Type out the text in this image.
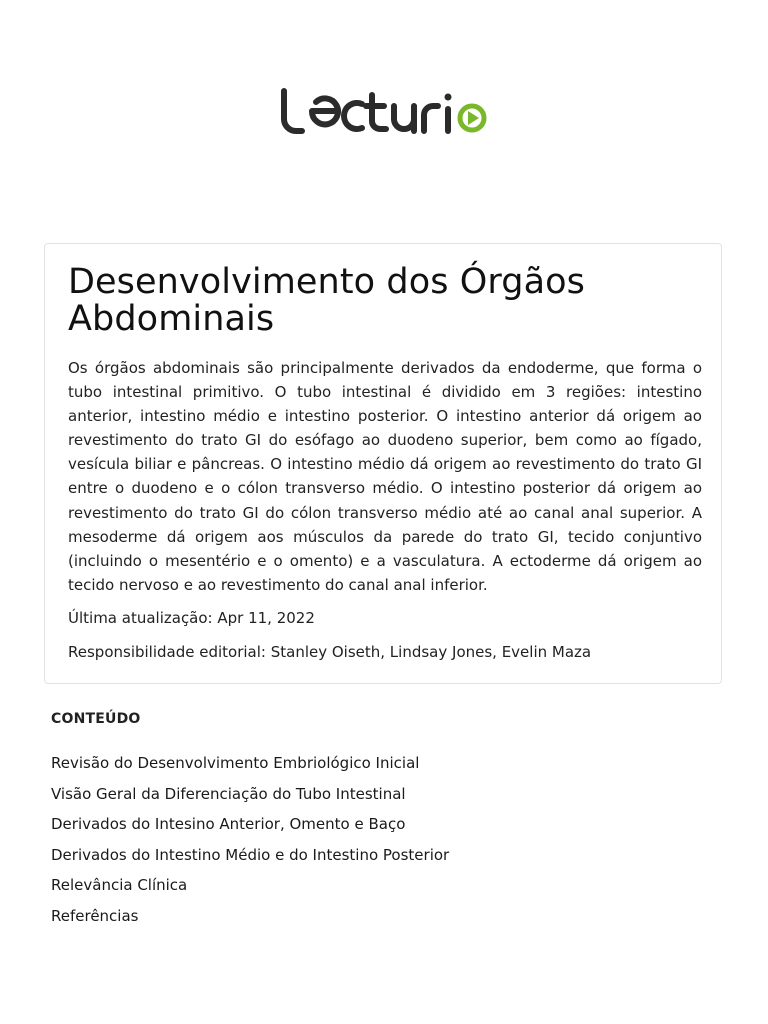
Desenvolvimento dos Órgãos Abdominais

Os órgãos abdominais são principalmente derivados da endoderme, que forma o tubo intestinal primitivo. O tubo intestinal é dividido em 3 regiões: intestino anterior, intestino médio e intestino posterior. O intestino anterior dá origem ao revestimento do trato GI do esófago ao duodeno superior, bem como ao fígado, vesícula biliar e pâncreas. O intestino médio dá origem ao revestimento do trato GI entre o duodeno e o cólon transverso médio. O intestino posterior dá origem ao revestimento do trato GI do cólon transverso médio até ao canal anal superior. A mesoderme dá origem aos músculos da parede do trato GI, tecido conjuntivo (incluindo o mesentério e o omento) e a vasculatura. A ectoderme dá origem ao tecido nervoso e ao revestimento do canal anal inferior.

Última atualização: Apr 11, 2022

Responsibilidade editorial: Stanley Oiseth, Lindsay Jones, Evelin Maza

CONTEÚDO
Revisão do Desenvolvimento Embriológico Inicial
Visão Geral da Diferenciação do Tubo Intestinal
Derivados do Intesino Anterior, Omento e Baço
Derivados do Intestino Médio e do Intestino Posterior
Relevância Clínica
Referências
